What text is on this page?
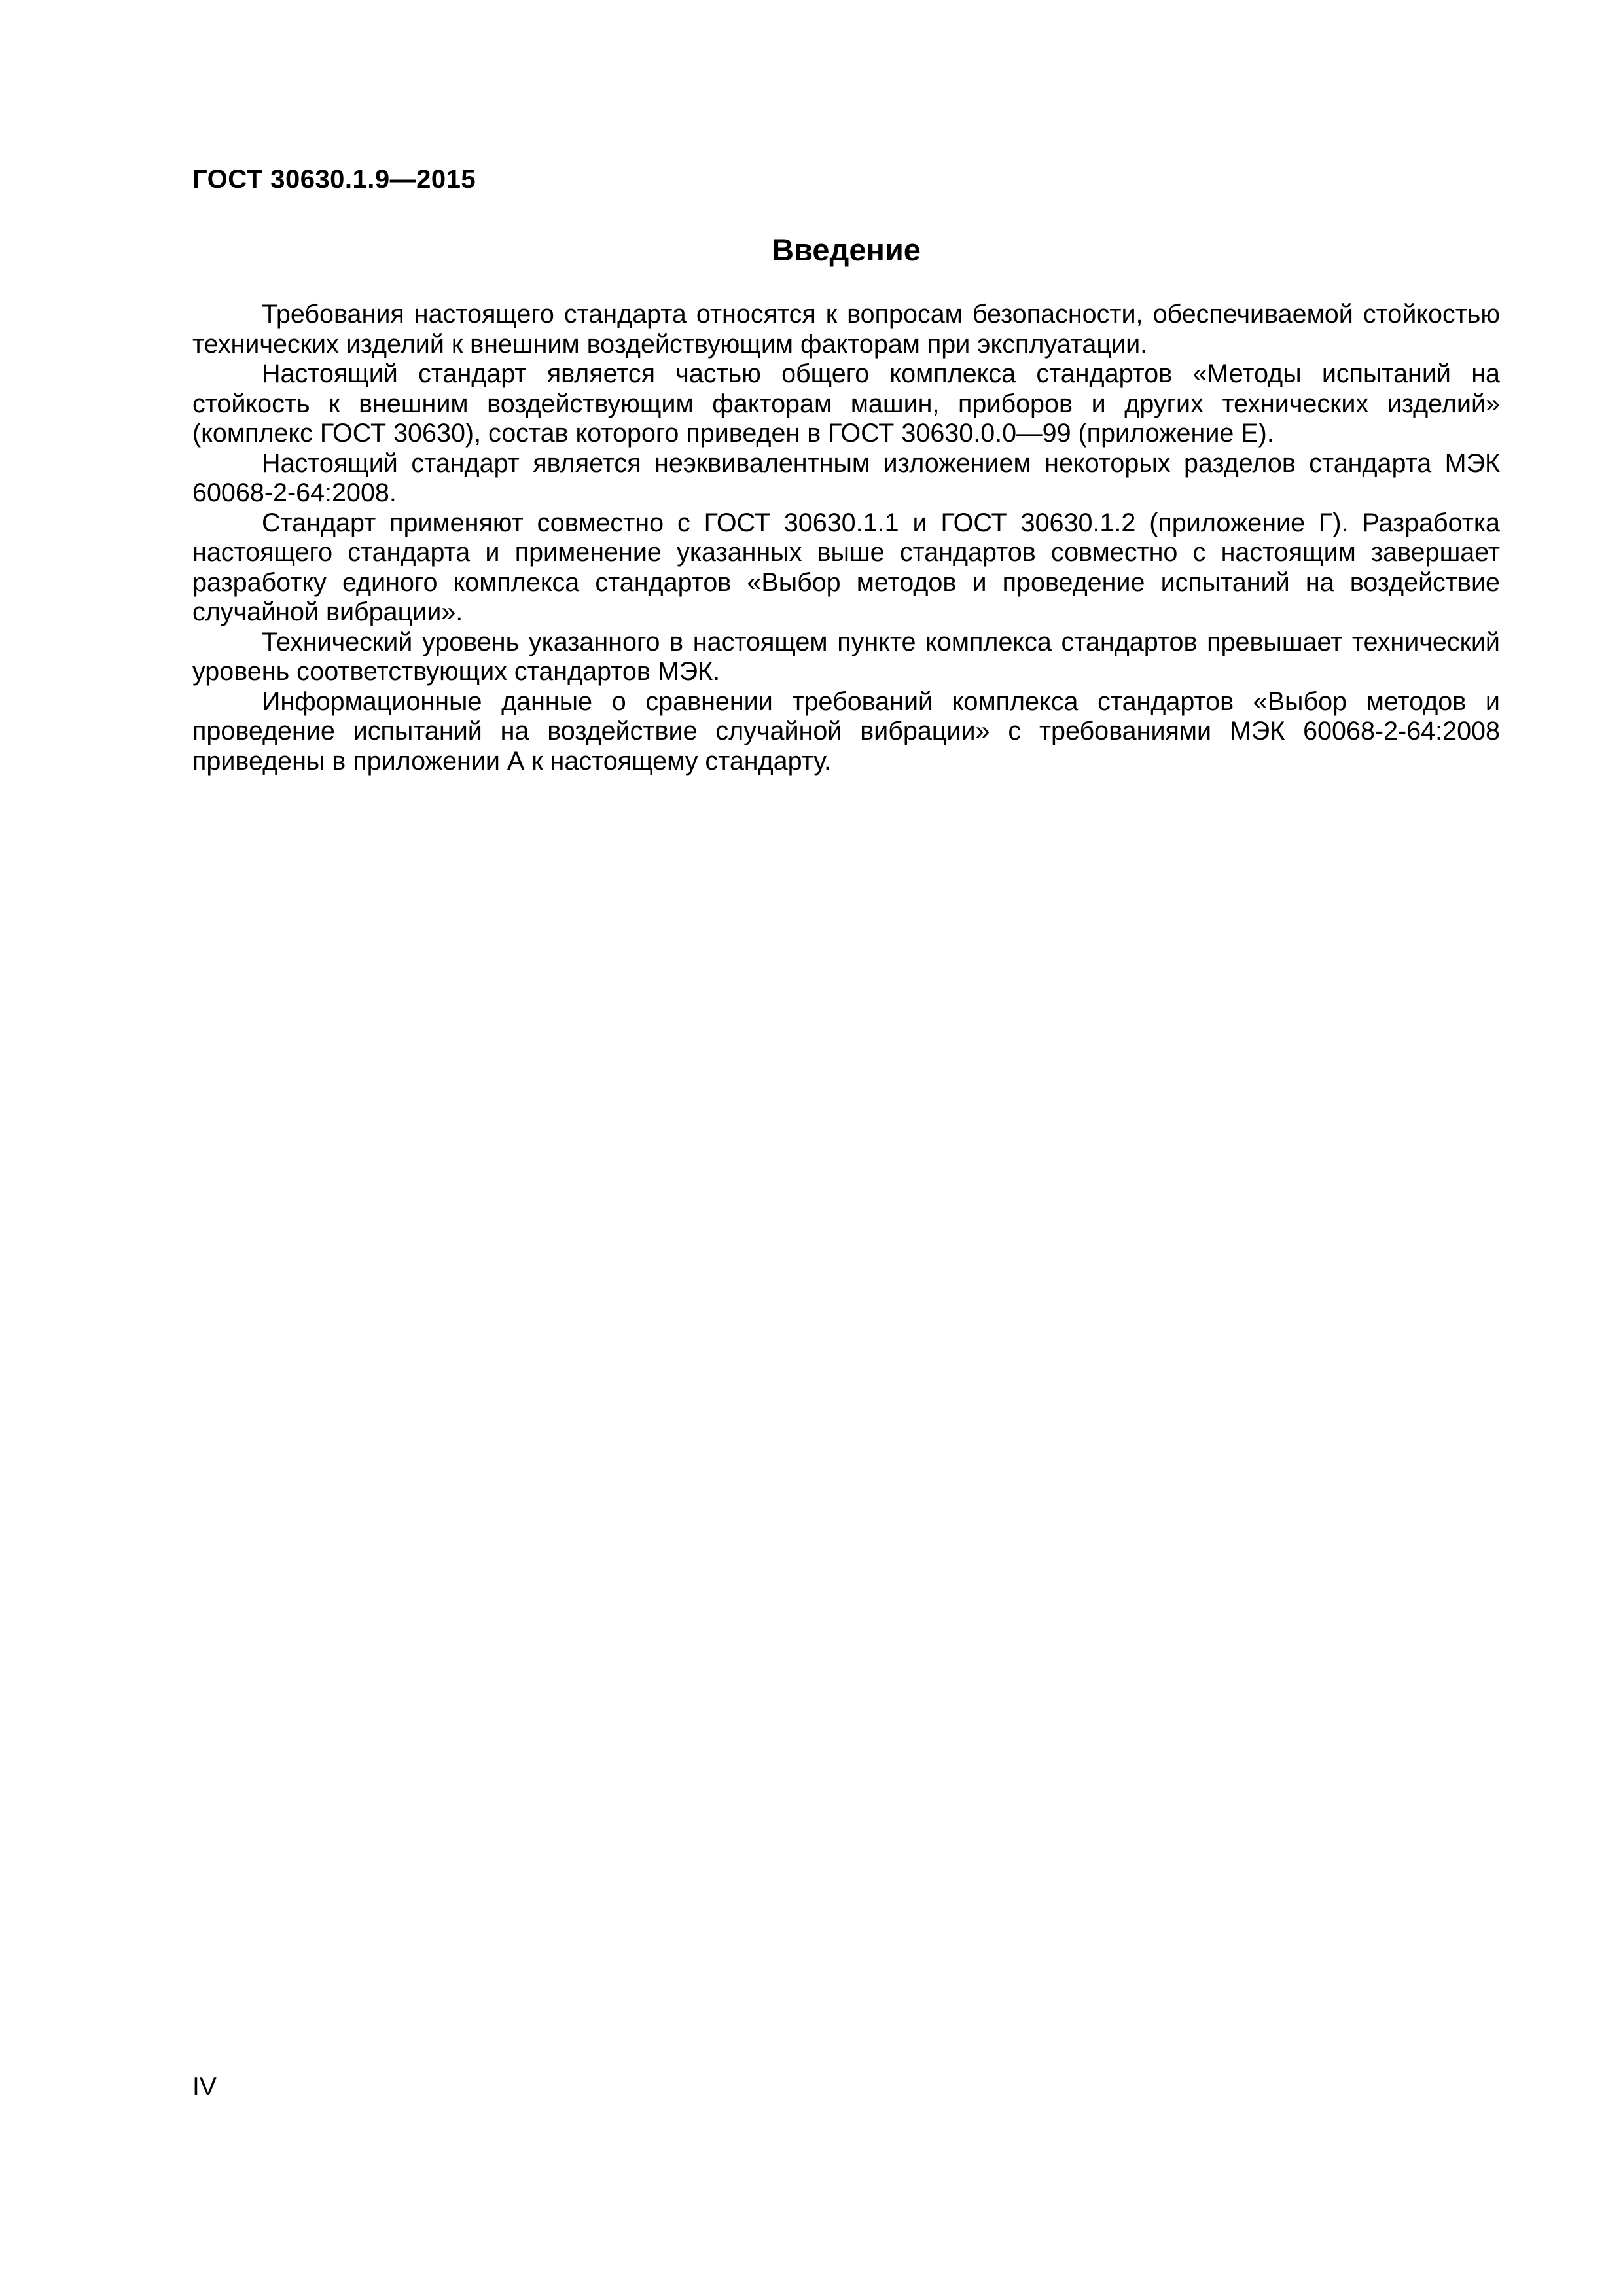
ГОСТ 30630.1.9—2015
Введение

Требования настоящего стандарта относятся к вопросам безопасности, обеспечиваемой стойкостью технических изделий к внешним воздействующим факторам при эксплуатации.

Настоящий стандарт является частью общего комплекса стандартов «Методы испытаний на стойкость к внешним воздействующим факторам машин, приборов и других технических изделий» (комплекс ГОСТ 30630), состав которого приведен в ГОСТ 30630.0.0—99 (приложение Е).

Настоящий стандарт является неэквивалентным изложением некоторых разделов стандарта МЭК 60068-2-64:2008.

Стандарт применяют совместно с ГОСТ 30630.1.1 и ГОСТ 30630.1.2 (приложение Г). Разработка настоящего стандарта и применение указанных выше стандартов совместно с настоящим завершает разработку единого комплекса стандартов «Выбор методов и проведение испытаний на воздействие случайной вибрации».

Технический уровень указанного в настоящем пункте комплекса стандартов превышает технический уровень соответствующих стандартов МЭК.

Информационные данные о сравнении требований комплекса стандартов «Выбор методов и проведение испытаний на воздействие случайной вибрации» с требованиями МЭК 60068-2-64:2008 приведены в приложении А к настоящему стандарту.

IV
